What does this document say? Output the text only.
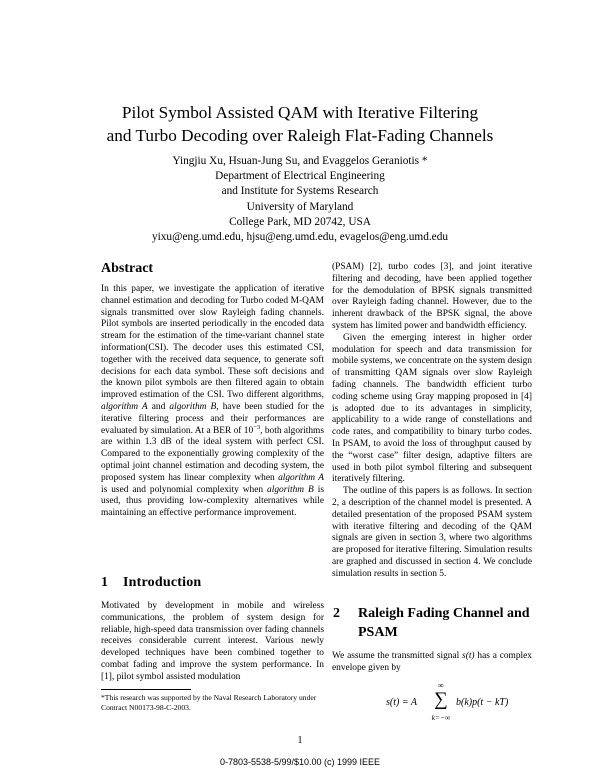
Pilot Symbol Assisted QAM with Iterative Filtering
and Turbo Decoding over Raleigh Flat-Fading Channels
Yingjiu Xu, Hsuan-Jung Su, and Evaggelos Geraniotis *
Department of Electrical Engineering
and Institute for Systems Research
University of Maryland
College Park, MD 20742, USA
yixu@eng.umd.edu, hjsu@eng.umd.edu, evagelos@eng.umd.edu
Abstract

In this paper, we investigate the application of iterative channel estimation and decoding for Turbo coded M-QAM signals transmitted over slow Rayleigh fading channels. Pilot symbols are inserted periodically in the encoded data stream for the estimation of the time-variant channel state information(CSI). The decoder uses this estimated CSI, together with the received data sequence, to generate soft decisions for each data symbol. These soft decisions and the known pilot symbols are then filtered again to obtain improved estimation of the CSI. Two different algorithms, algorithm A and algorithm B, have been studied for the iterative filtering process and their performances are evaluated by simulation. At a BER of $10^{-3}$, both algorithms are within 1.3 dB of the ideal system with perfect CSI. Compared to the exponentially growing complexity of the optimal joint channel estimation and decoding system, the proposed system has linear complexity when algorithm A is used and polynomial complexity when algorithm B is used, thus providing low-complexity alternatives while maintaining an effective performance improvement.

1 Introduction

Motivated by development in mobile and wireless communications, the problem of system design for reliable, high-speed data transmission over fading channels receives considerable current interest. Various newly developed techniques have been combined together to combat fading and improve the system performance. In [1], pilot symbol assisted modulation

*This research was supported by the Naval Research Laboratory under Contract N00173-98-C-2003.

(PSAM) [2], turbo codes [3], and joint iterative filtering and decoding, have been applied together for the demodulation of BPSK signals transmitted over Rayleigh fading channel. However, due to the inherent drawback of the BPSK signal, the above system has limited power and bandwidth efficiency.

Given the emerging interest in higher order modulation for speech and data transmission for mobile systems, we concentrate on the system design of transmitting QAM signals over slow Rayleigh fading channels. The bandwidth efficient turbo coding scheme using Gray mapping proposed in [4] is adopted due to its advantages in simplicity, applicability to a wide range of constellations and code rates, and compatibility to binary turbo codes. In PSAM, to avoid the loss of throughput caused by the “worst case” filter design, adaptive filters are used in both pilot symbol filtering and subsequent iteratively filtering.

The outline of this papers is as follows. In section 2, a description of the channel model is presented. A detailed presentation of the proposed PSAM system with iterative filtering and decoding of the QAM signals are given in section 3, where two algorithms are proposed for iterative filtering. Simulation results are graphed and discussed in section 4. We conclude simulation results in section 5.

2 Raleigh Fading Channel and
PSAM

We assume the transmitted signal s(t) has a complex envelope given by

s(t) = A
∞
∑
k=−∞
b(k)p(t − kT)
1
0-7803-5538-5/99/$10.00 (c) 1999 IEEE
